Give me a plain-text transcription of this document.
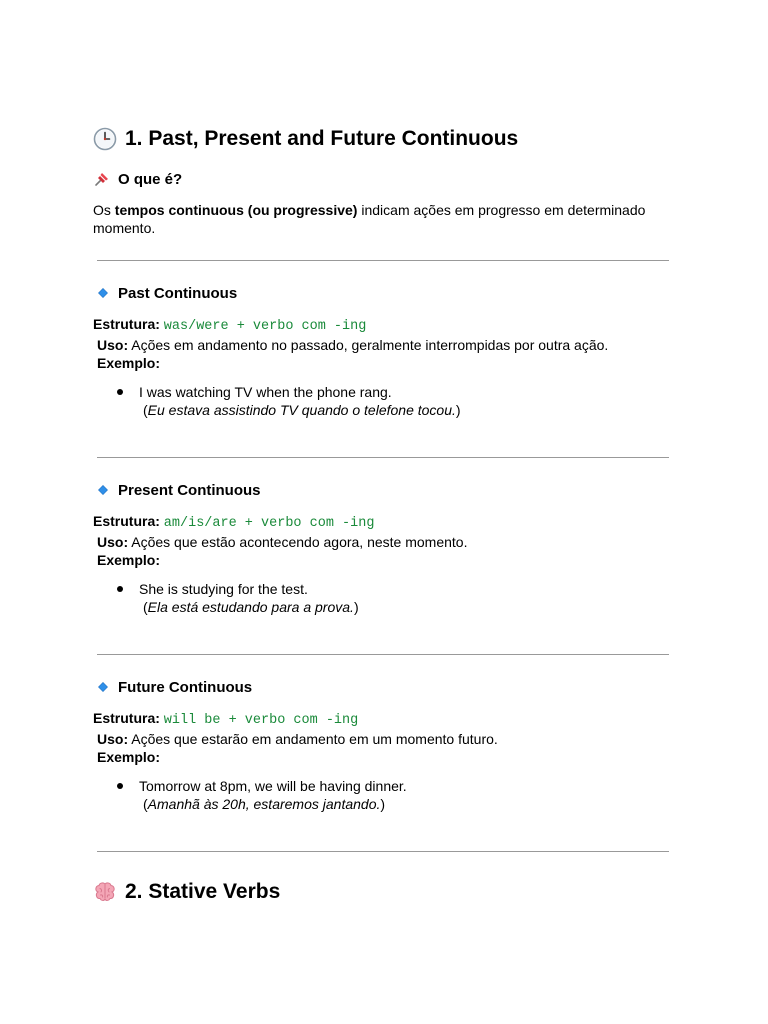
1. Past, Present and Future Continuous
O que é?

Os tempos continuous (ou progressive) indicam ações em progresso em determinado momento.

Past Continuous
Estrutura: was/were + verbo com -ing
Uso: Ações em andamento no passado, geralmente interrompidas por outra ação.
Exemplo:
I was watching TV when the phone rang.
(Eu estava assistindo TV quando o telefone tocou.)
Present Continuous
Estrutura: am/is/are + verbo com -ing
Uso: Ações que estão acontecendo agora, neste momento.
Exemplo:
She is studying for the test.
(Ela está estudando para a prova.)
Future Continuous
Estrutura: will be + verbo com -ing
Uso: Ações que estarão em andamento em um momento futuro.
Exemplo:
Tomorrow at 8pm, we will be having dinner.
(Amanhã às 20h, estaremos jantando.)
2. Stative Verbs
